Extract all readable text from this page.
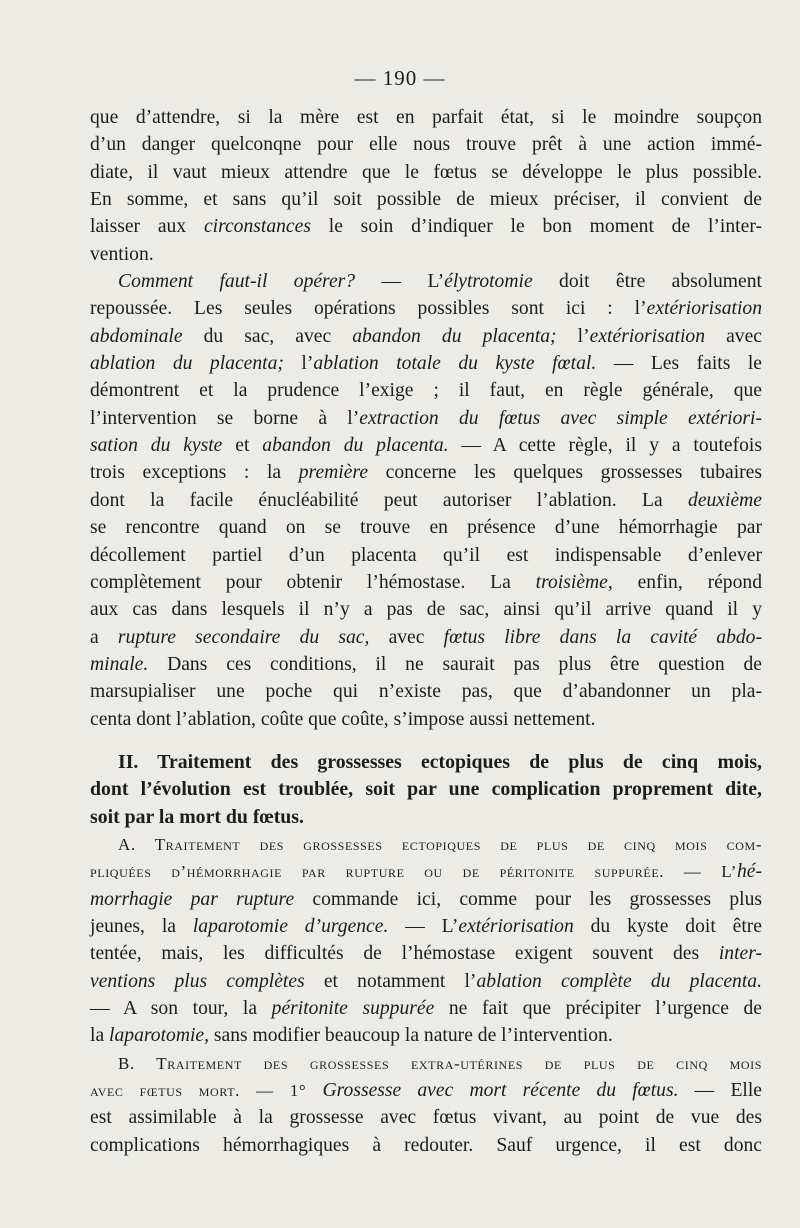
— 190 —
que d’attendre, si la mère est en parfait état, si le moindre soupçon
d’un danger quelconqne pour elle nous trouve prêt à une action immé-
diate, il vaut mieux attendre que le fœtus se développe le plus possible.
En somme, et sans qu’il soit possible de mieux préciser, il convient de
laisser aux circonstances le soin d’indiquer le bon moment de l’inter-
vention.
Comment faut-il opérer? — L’élytrotomie doit être absolument
repoussée. Les seules opérations possibles sont ici : l’extériorisation
abdominale du sac, avec abandon du placenta; l’extériorisation avec
ablation du placenta; l’ablation totale du kyste fœtal. — Les faits le
démontrent et la prudence l’exige ; il faut, en règle générale, que
l’intervention se borne à l’extraction du fœtus avec simple extériori-
sation du kyste et abandon du placenta. — A cette règle, il y a toutefois
trois exceptions : la première concerne les quelques grossesses tubaires
dont la facile énucléabilité peut autoriser l’ablation. La deuxième
se rencontre quand on se trouve en présence d’une hémorrhagie par
décollement partiel d’un placenta qu’il est indispensable d’enlever
complètement pour obtenir l’hémostase. La troisième, enfin, répond
aux cas dans lesquels il n’y a pas de sac, ainsi qu’il arrive quand il y
a rupture secondaire du sac, avec fœtus libre dans la cavité abdo-
minale. Dans ces conditions, il ne saurait pas plus être question de
marsupialiser une poche qui n’existe pas, que d’abandonner un pla-
centa dont l’ablation, coûte que coûte, s’impose aussi nettement.
II. Traitement des grossesses ectopiques de plus de cinq mois,
dont l’évolution est troublée, soit par une complication proprement dite,
soit par la mort du fœtus.
A. Traitement des grossesses ectopiques de plus de cinq mois com-
pliquées d’hémorrhagie par rupture ou de péritonite suppurée. — L’hé-
morrhagie par rupture commande ici, comme pour les grossesses plus
jeunes, la laparotomie d’urgence. — L’extériorisation du kyste doit être
tentée, mais, les difficultés de l’hémostase exigent souvent des inter-
ventions plus complètes et notamment l’ablation complète du placenta.
— A son tour, la péritonite suppurée ne fait que précipiter l’urgence de
la laparotomie, sans modifier beaucoup la nature de l’intervention.
B. Traitement des grossesses extra-utérines de plus de cinq mois
avec fœtus mort. — 1° Grossesse avec mort récente du fœtus. — Elle
est assimilable à la grossesse avec fœtus vivant, au point de vue des
complications hémorrhagiques à redouter. Sauf urgence, il est donc
